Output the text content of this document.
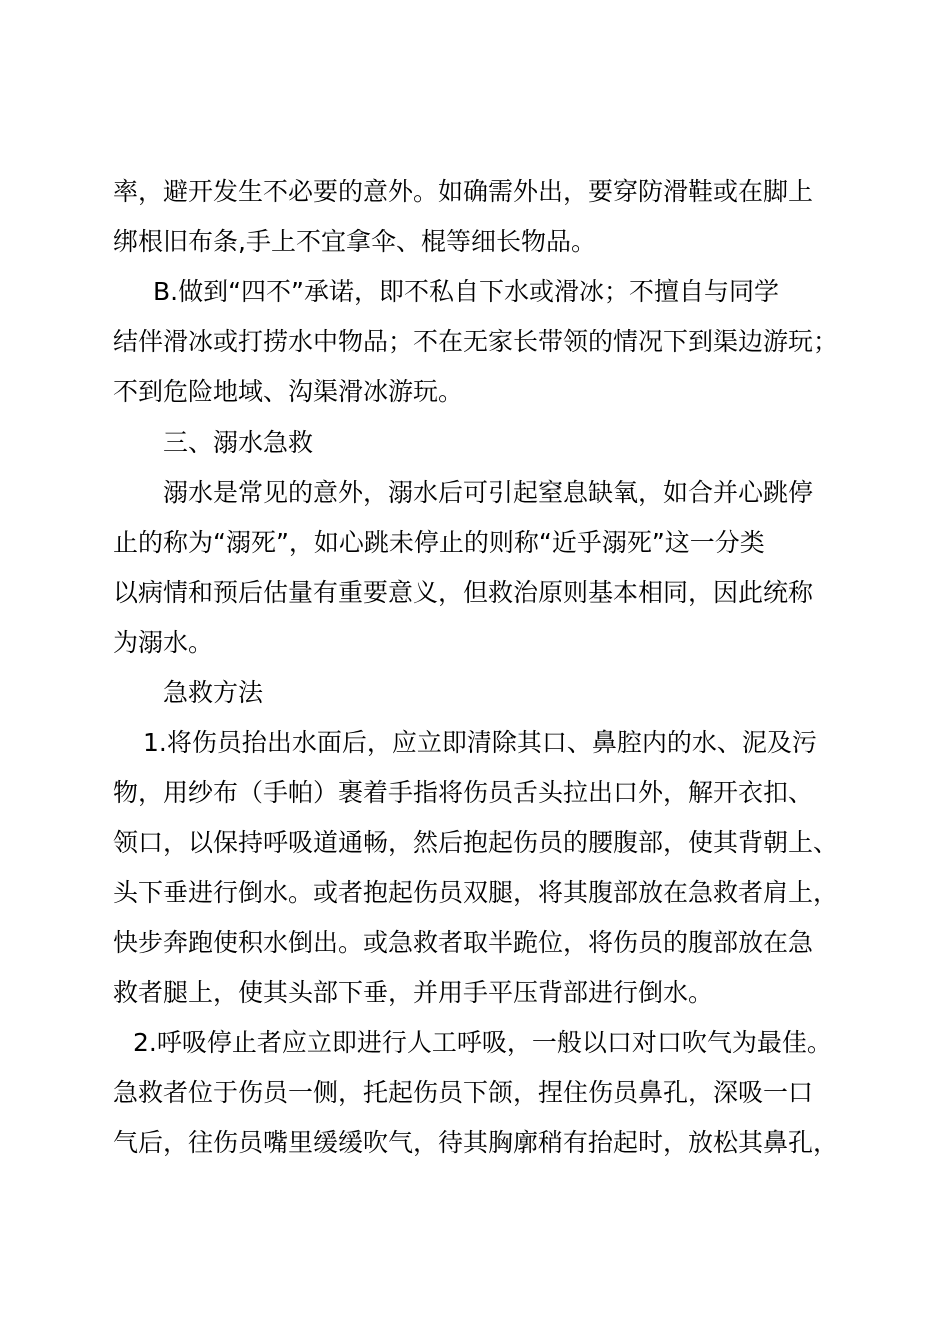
率，避开发生不必要的意外。如确需外出，要穿防滑鞋或在脚上
绑根旧布条,手上不宜拿伞、棍等细长物品。
B.做到“四不”承诺，即不私自下水或滑冰；不擅自与同学
结伴滑冰或打捞水中物品；不在无家长带领的情况下到渠边游玩；
不到危险地域、沟渠滑冰游玩。
三、溺水急救
溺水是常见的意外，溺水后可引起窒息缺氧，如合并心跳停
止的称为“溺死”，如心跳未停止的则称“近乎溺死”这一分类
以病情和预后估量有重要意义，但救治原则基本相同，因此统称
为溺水。
急救方法
1.将伤员抬出水面后，应立即清除其口、鼻腔内的水、泥及污
物，用纱布（手帕）裹着手指将伤员舌头拉出口外，解开衣扣、
领口，以保持呼吸道通畅，然后抱起伤员的腰腹部，使其背朝上、
头下垂进行倒水。或者抱起伤员双腿，将其腹部放在急救者肩上，
快步奔跑使积水倒出。或急救者取半跪位，将伤员的腹部放在急
救者腿上，使其头部下垂，并用手平压背部进行倒水。
2.呼吸停止者应立即进行人工呼吸，一般以口对口吹气为最佳。
急救者位于伤员一侧，托起伤员下颌，捏住伤员鼻孔，深吸一口
气后，往伤员嘴里缓缓吹气，待其胸廓稍有抬起时，放松其鼻孔，
